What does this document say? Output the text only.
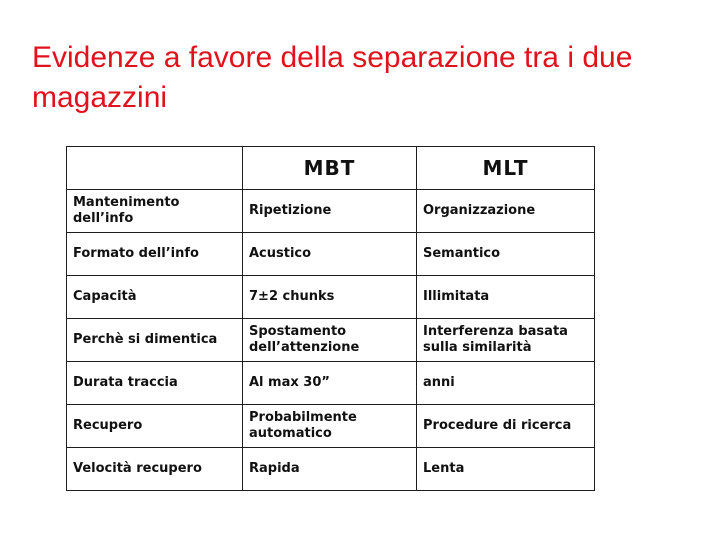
Evidenze a favore della separazione tra i due magazzini
	MBT	MLT
Mantenimento dell’info	Ripetizione	Organizzazione
Formato dell’info	Acustico	Semantico
Capacità	7±2 chunks	Illimitata
Perchè si dimentica	Spostamento dell’attenzione	Interferenza basata sulla similarità
Durata traccia	Al max 30”	anni
Recupero	Probabilmente automatico	Procedure di ricerca
Velocità recupero	Rapida	Lenta
